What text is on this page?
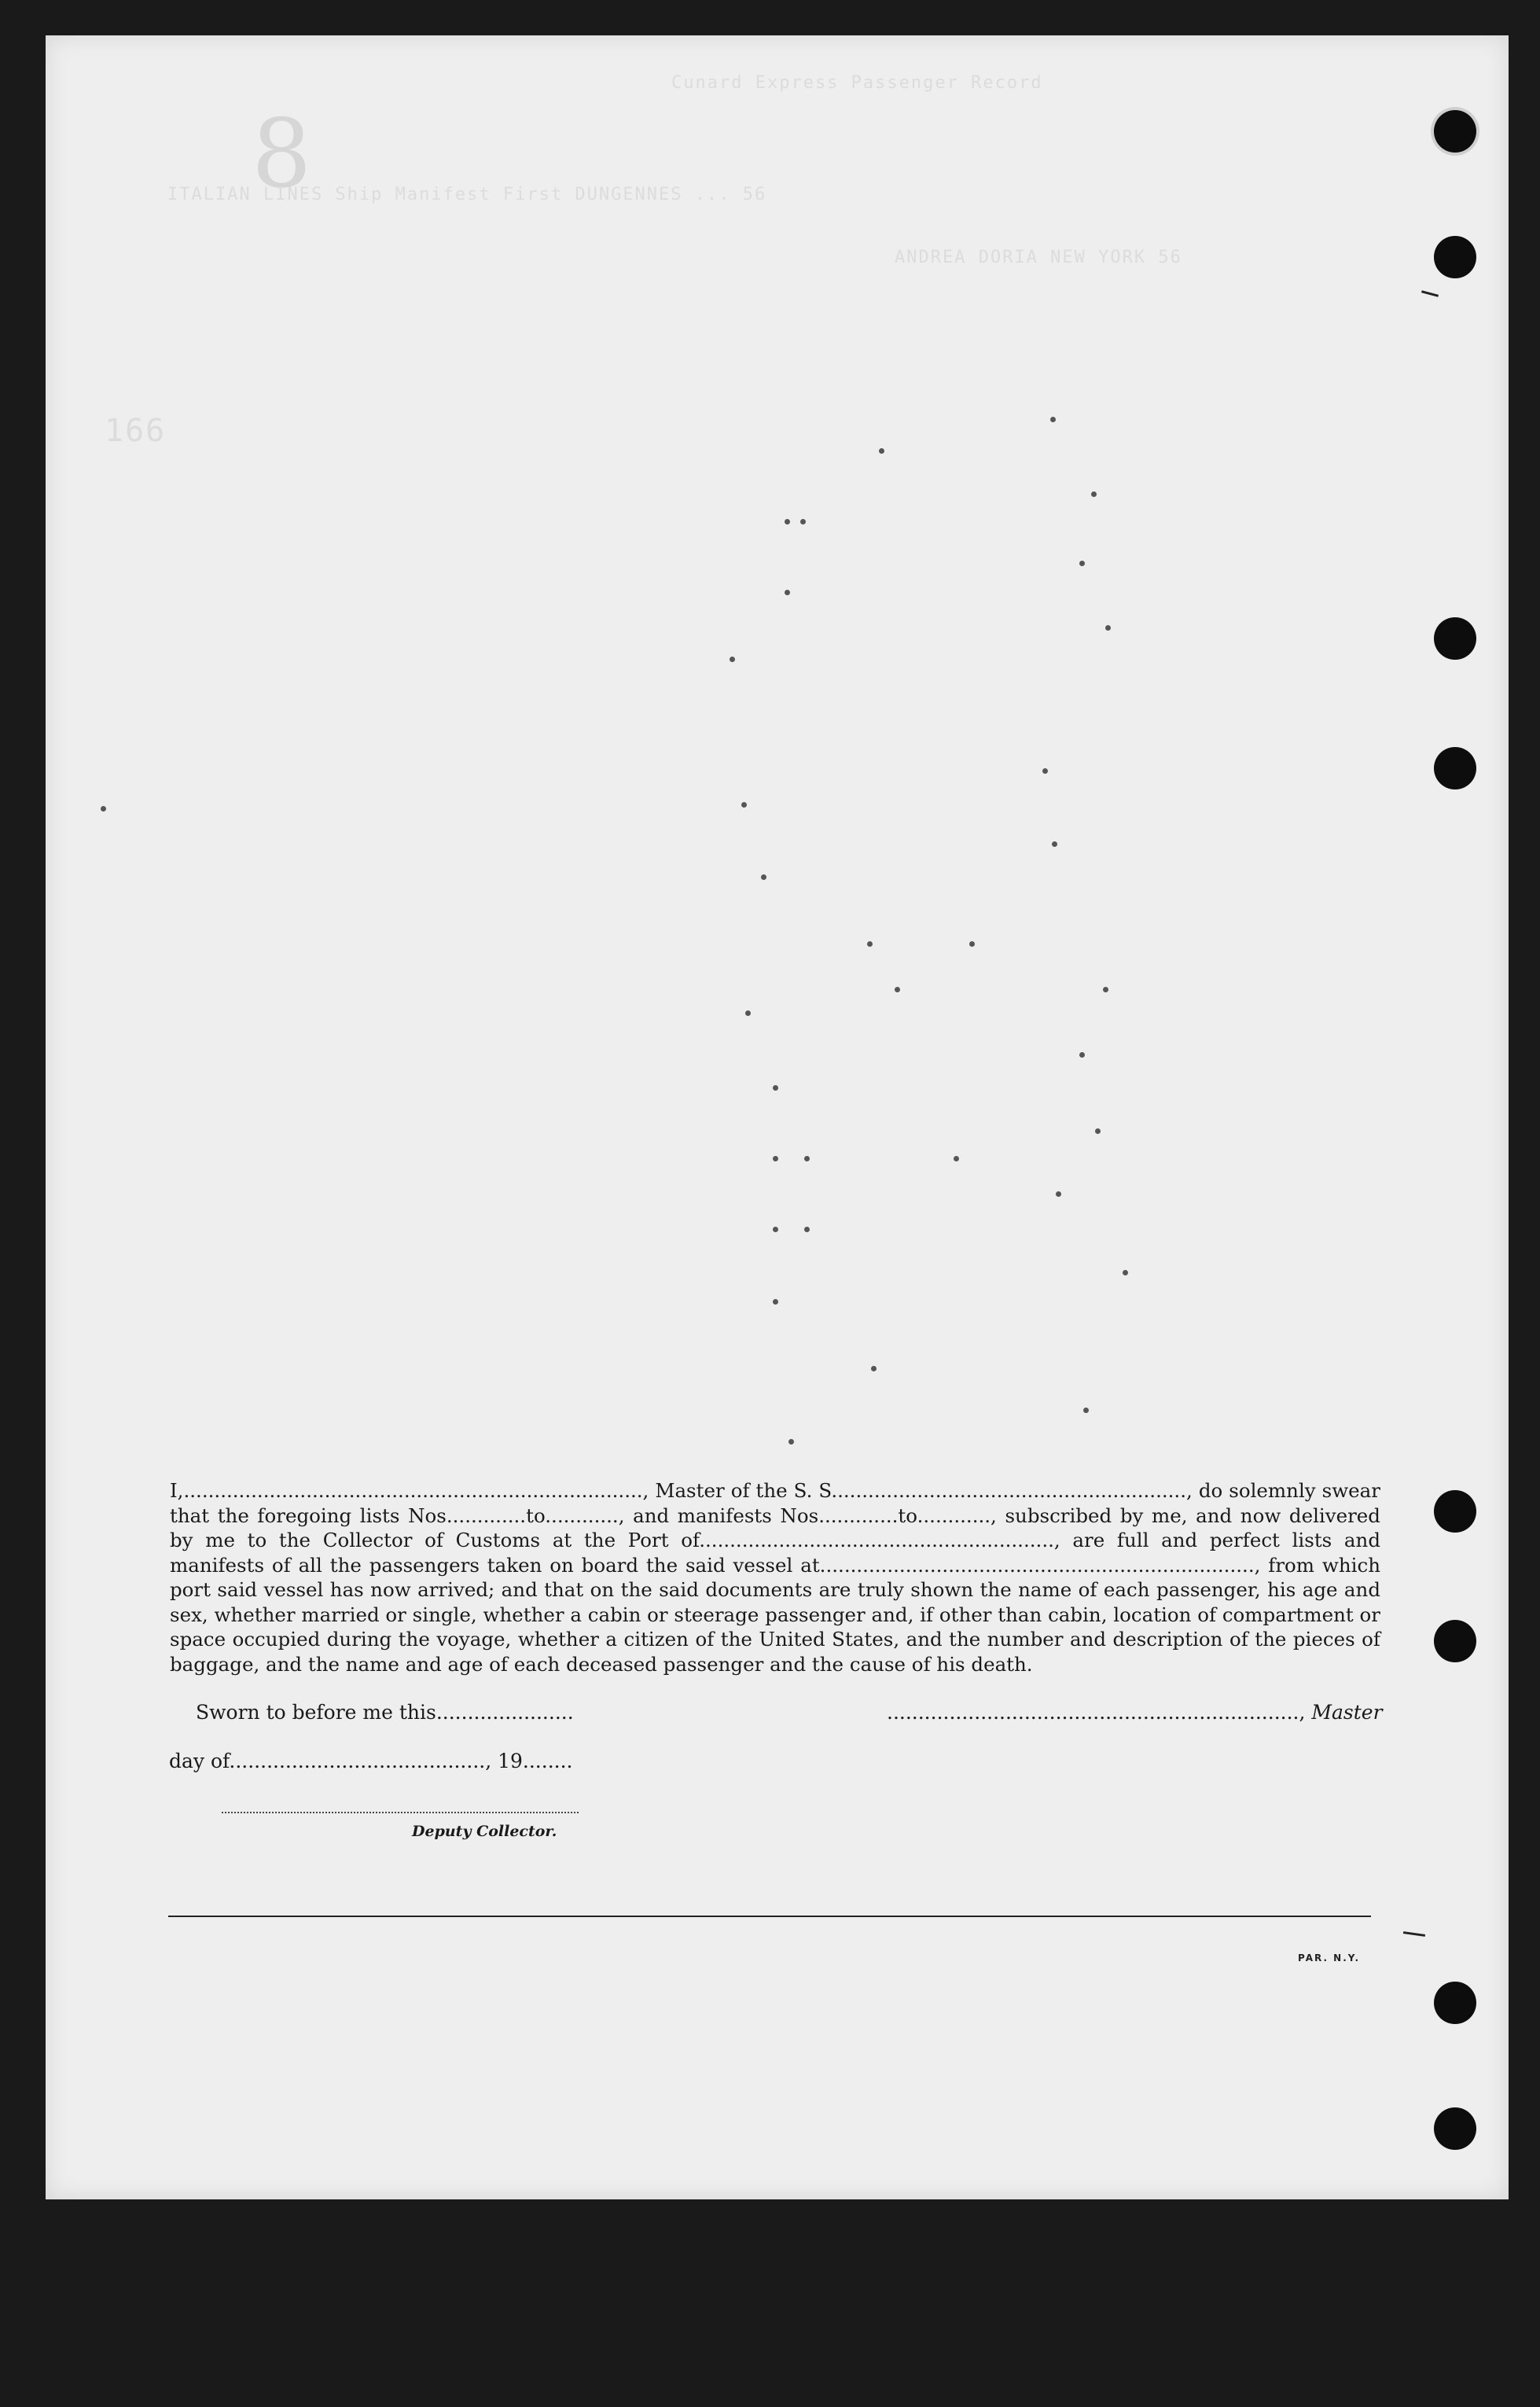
8
Cunard Express Passenger Record
ITALIAN LINES Ship Manifest First DUNGENNES ... 56
ANDREA DORIA NEW YORK 56
166

I,..........................................................................., Master of the S. S.........................................................., do solemnly swear that the foregoing lists Nos.............to............, and manifests Nos.............to............, subscribed by me, and now delivered by me to the Collector of Customs at the Port of.........................................................., are full and perfect lists and manifests of all the passengers taken on board the said vessel at......................................................................., from which port said vessel has now arrived; and that on the said documents are truly shown the name of each passenger, his age and sex, whether married or single, whether a cabin or steerage passenger and, if other than cabin, location of compartment or space occupied during the voyage, whether a citizen of the United States, and the number and description of the pieces of baggage, and the name and age of each deceased passenger and the cause of his death.

Sworn to before me this......................	.................................................................., Master
day of........................................., 19........
Deputy Collector.
PAR. N.Y.
